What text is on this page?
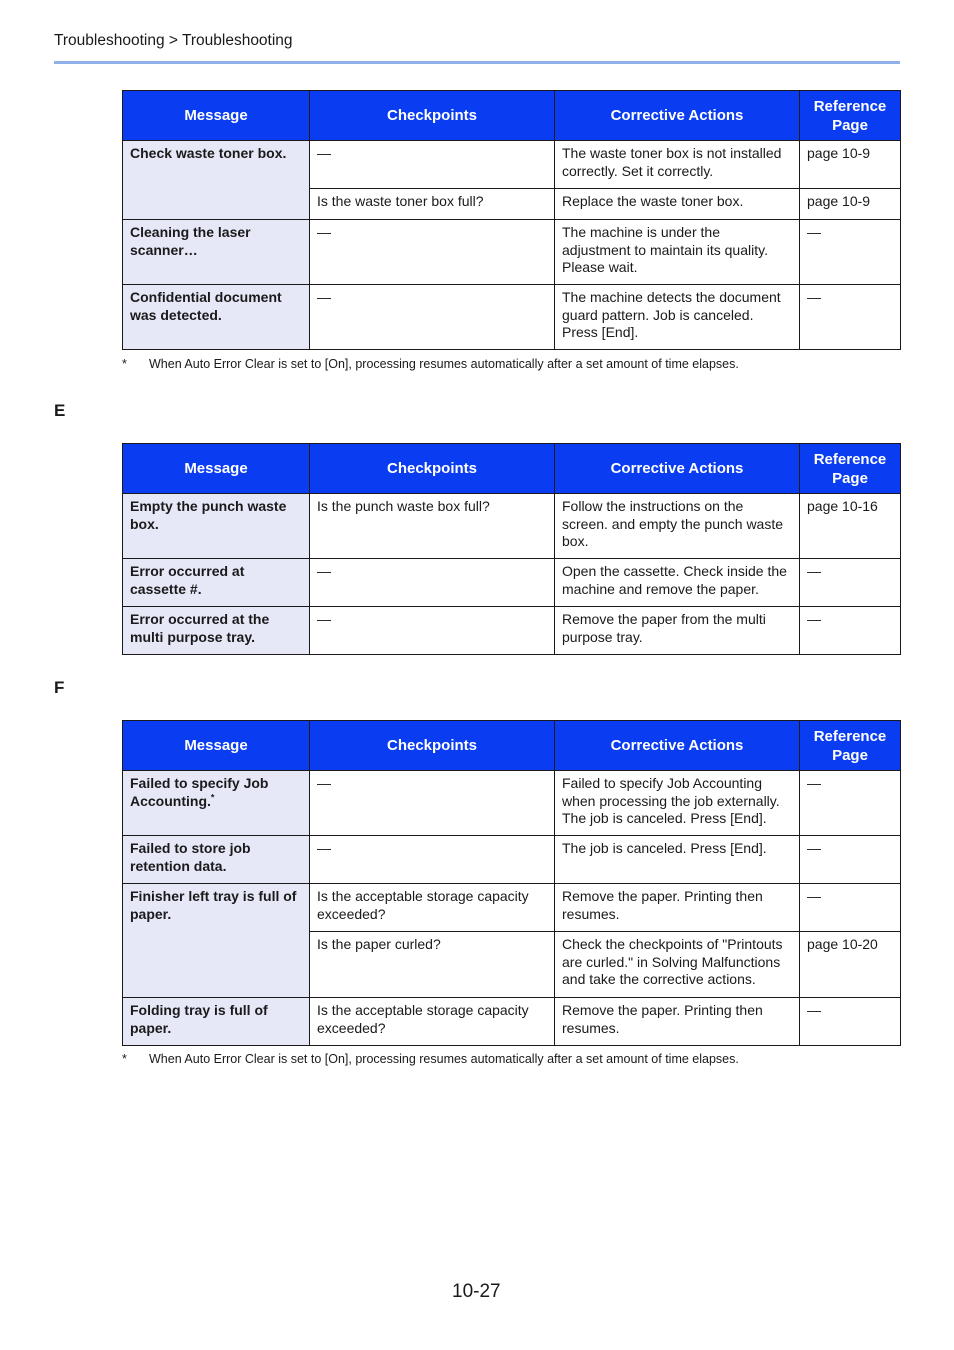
Troubleshooting > Troubleshooting
Message	Checkpoints	Corrective Actions	Reference
Page
Check waste toner box.	—	The waste toner box is not installed correctly. Set it correctly.	page 10-9
	Is the waste toner box full?	Replace the waste toner box.	page 10-9
Cleaning the laser scanner…	—	The machine is under the adjustment to maintain its quality. Please wait.	—
Confidential document was detected.	—	The machine detects the document guard pattern. Job is canceled. Press [End].	—
* When Auto Error Clear is set to [On], processing resumes automatically after a set amount of time elapses.
E
Message	Checkpoints	Corrective Actions	Reference
Page
Empty the punch waste box.	Is the punch waste box full?	Follow the instructions on the screen. and empty the punch waste box.	page 10-16
Error occurred at cassette #.	—	Open the cassette. Check inside the machine and remove the paper.	—
Error occurred at the multi purpose tray.	—	Remove the paper from the multi purpose tray.	—
F
Message	Checkpoints	Corrective Actions	Reference
Page
Failed to specify Job Accounting.*	—	Failed to specify Job Accounting when processing the job externally. The job is canceled. Press [End].	—
Failed to store job retention data.	—	The job is canceled. Press [End].	—
Finisher left tray is full of paper.	Is the acceptable storage capacity exceeded?	Remove the paper. Printing then resumes.	—
	Is the paper curled?	Check the checkpoints of "Printouts are curled." in Solving Malfunctions and take the corrective actions.	page 10-20
Folding tray is full of paper.	Is the acceptable storage capacity exceeded?	Remove the paper. Printing then resumes.	—
* When Auto Error Clear is set to [On], processing resumes automatically after a set amount of time elapses.
10-27
